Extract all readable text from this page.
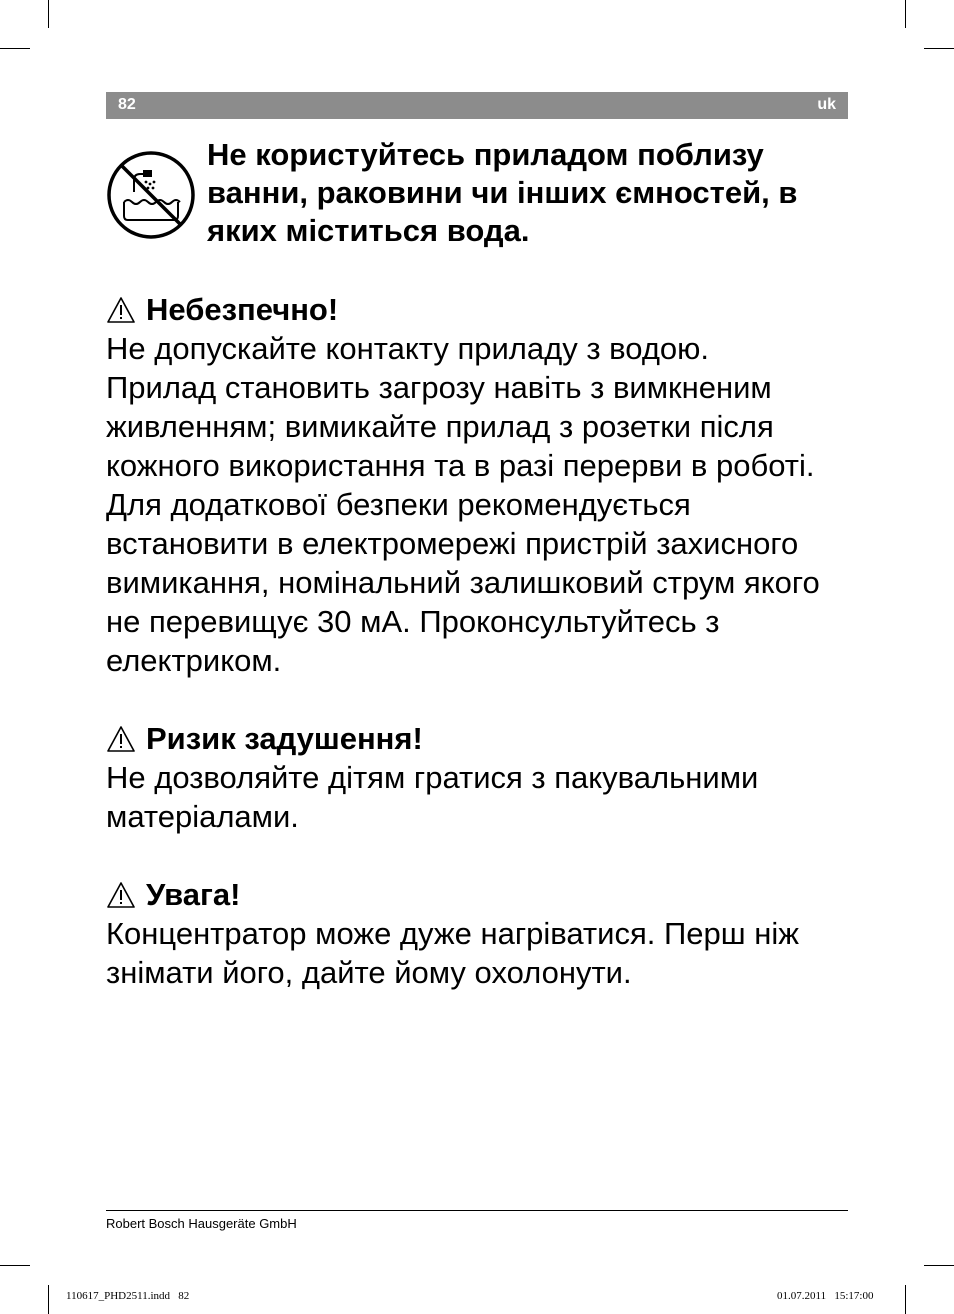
82	uk
Не користуйтесь приладом поблизу ванни, раковини чи інших ємностей, в яких міститься вода.
Небезпечно!
Не допускайте контакту приладу з водою.
Прилад становить загрозу навіть з вимкненим живленням; вимикайте прилад з розетки після кожного використання та в разі перерви в роботі.
Для додаткової безпеки рекомендується встановити в електромережі пристрій захисного вимикання, номінальний залишковий струм якого не перевищує 30 мА. Проконсультуйтесь з електриком.
Ризик задушення!
Не дозволяйте дітям гратися з пакувальними матеріалами.
Увага!
Концентратор може дуже нагріватися. Перш ніж знімати його, дайте йому охолонути.
Robert Bosch Hausgeräte GmbH
110617_PHD2511.indd   82	01.07.2011   15:17:00
